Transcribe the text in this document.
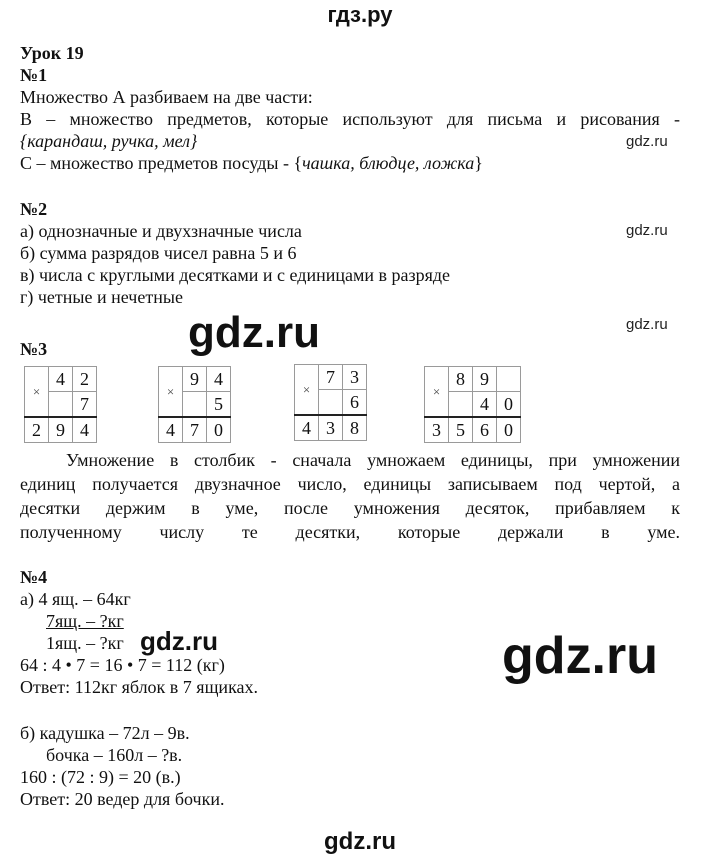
гдз.ру
Урок 19
№1
Множество А разбиваем на две части:
В – множество предметов, которые используют для письма и рисования -
{карандаш, ручка, мел}
С – множество предметов посуды - {чашка, блюдце, ложка}
gdz.ru
№2
а) однозначные и двухзначные числа
б) сумма разрядов чисел равна 5 и 6
в) числа с круглыми десятками и с единицами в разряде
г) четные и нечетные
gdz.ru
gdz.ru	gdz.ru
№3
×	4	2
		7
2	9	4
×	9	4
		5
4	7	0
×	7	3
		6
4	3	8
×	8	9	
		4	0
3	5	6	0
Умножение в столбик - сначала умножаем единицы, при умножении
единиц получается двузначное число, единицы записываем под чертой, а
десятки держим в уме, после умножения десяток, прибавляем к
полученному числу те десятки, которые держали в уме.
№4
а) 4 ящ. – 64кг
7ящ. – ?кг
1ящ. – ?кг
64 : 4 • 7 = 16 • 7 = 112 (кг)
Ответ: 112кг яблок в 7 ящиках.
gdz.ru	gdz.ru
б) кадушка – 72л – 9в.
бочка – 160л – ?в.
160 : (72 : 9) = 20 (в.)
Ответ: 20 ведер для бочки.
gdz.ru
